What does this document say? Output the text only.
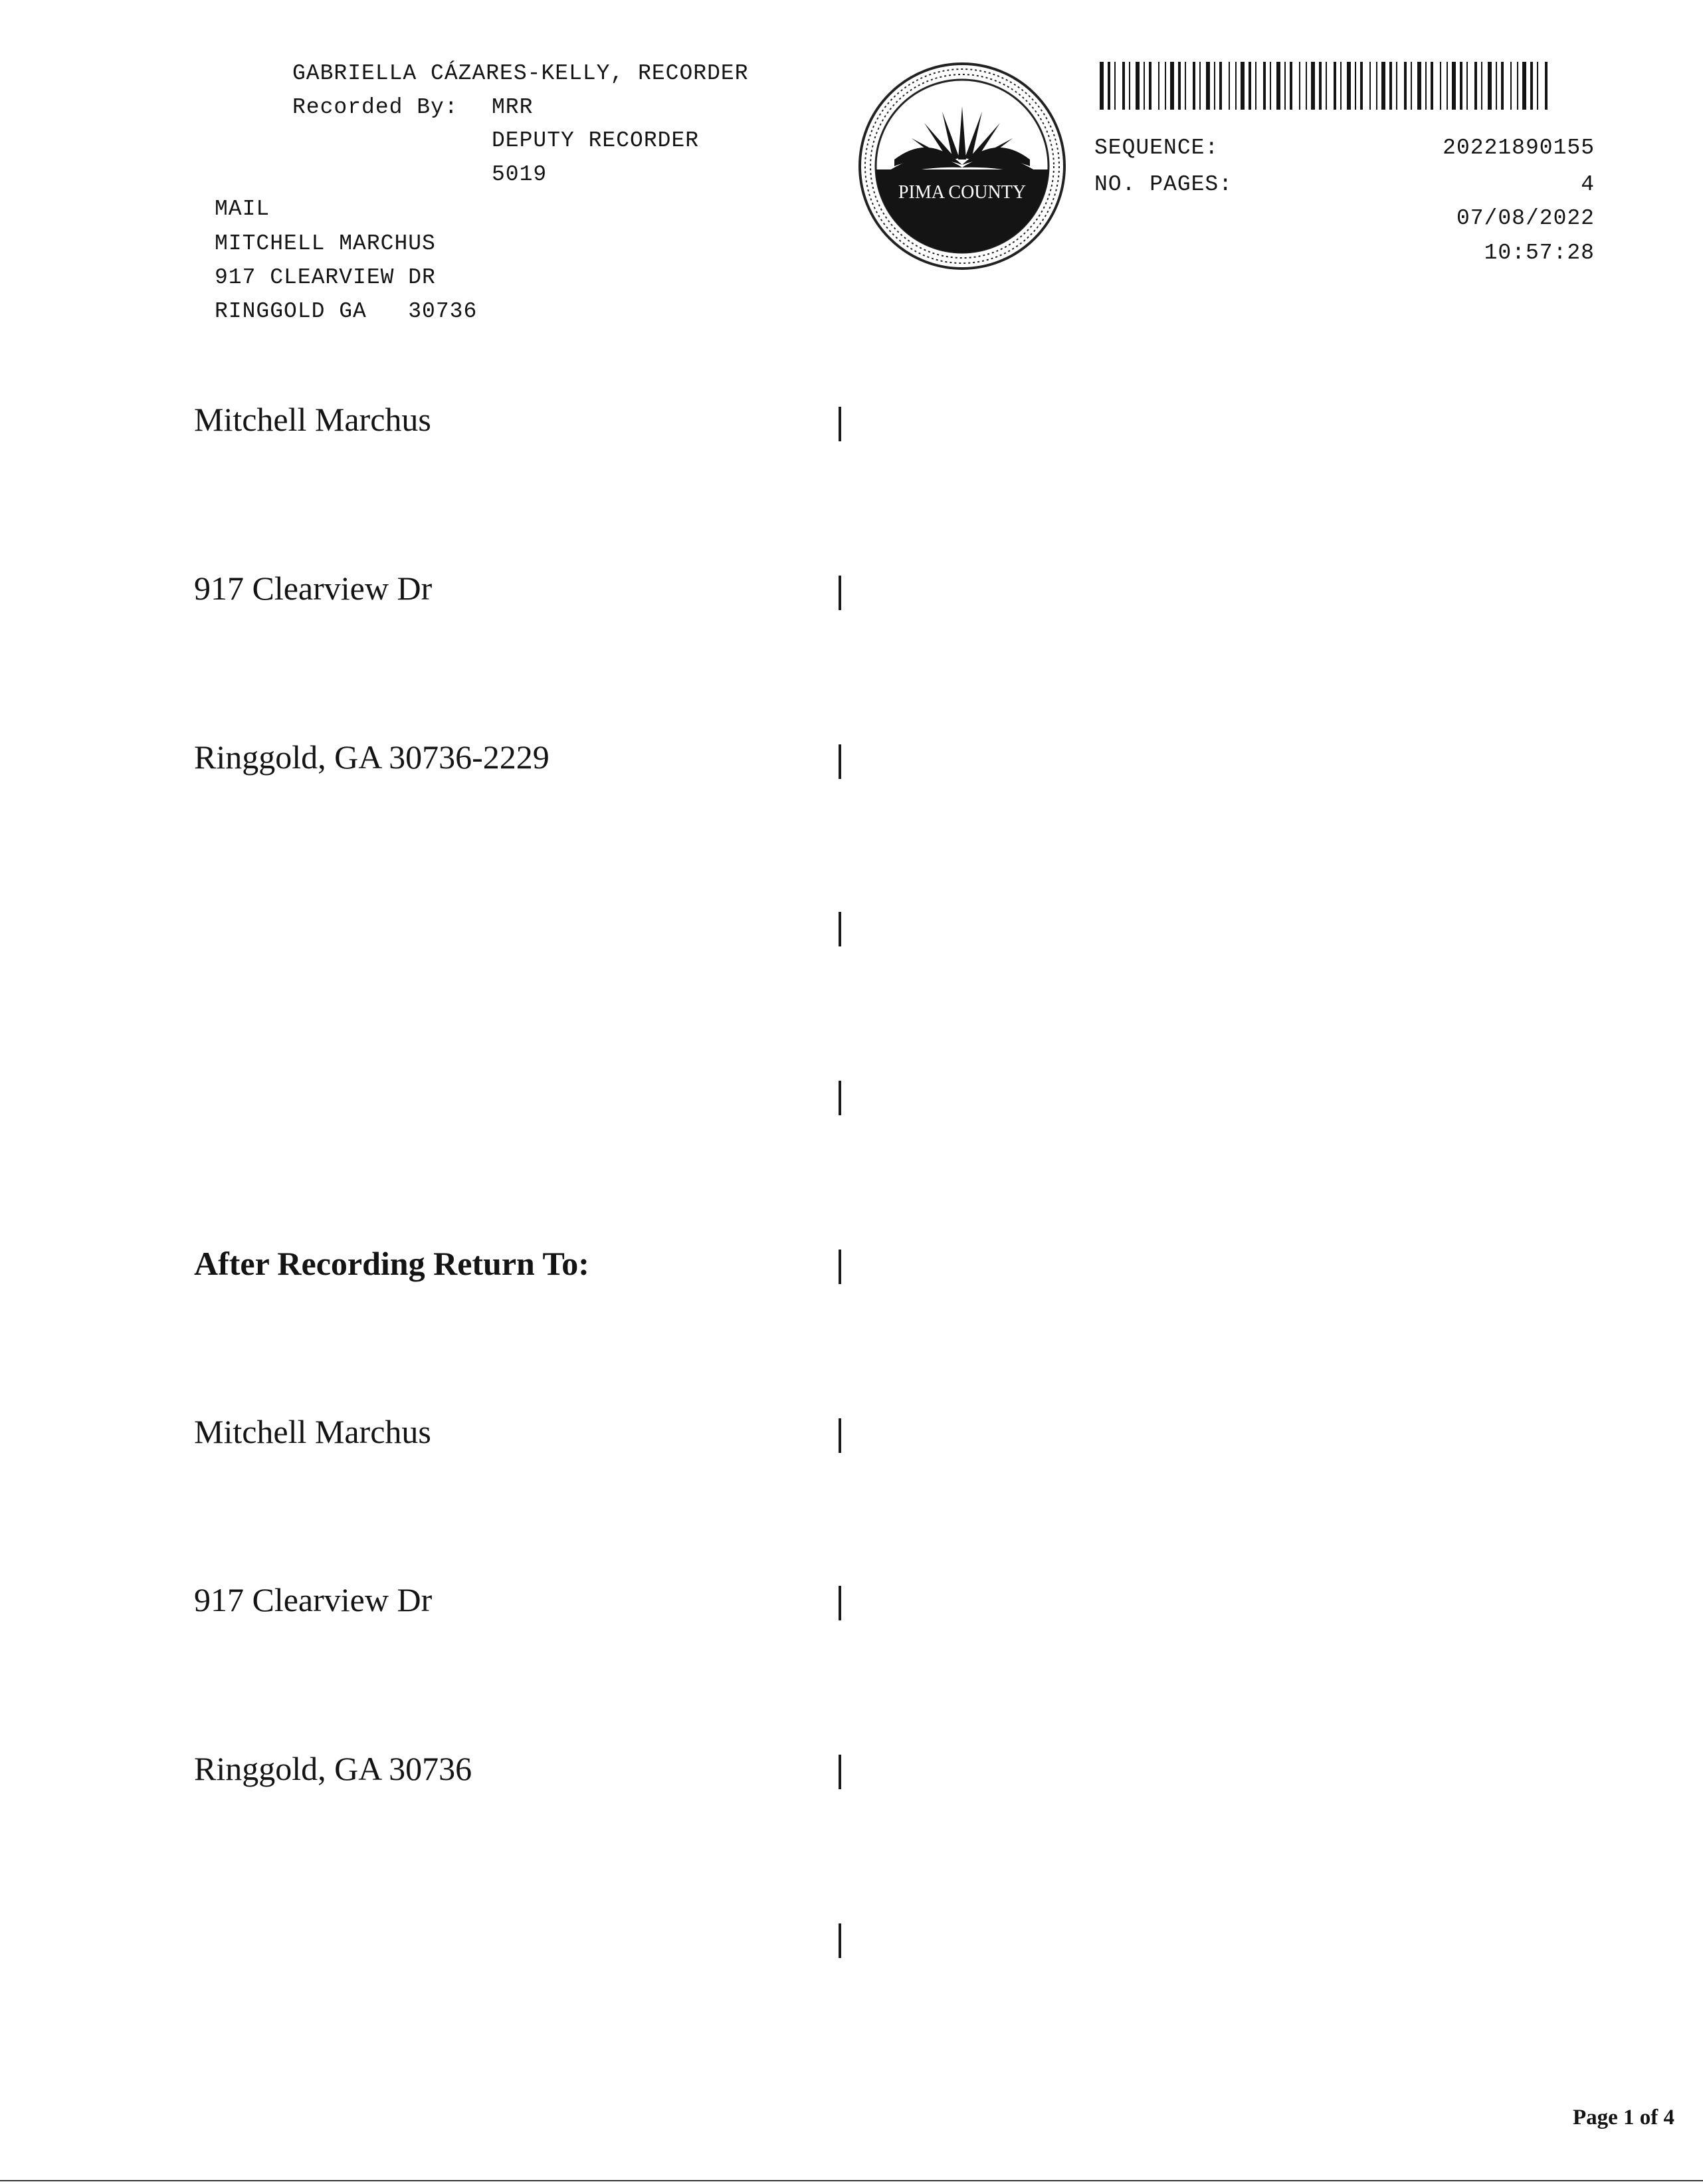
GABRIELLA CÁZARES-KELLY, RECORDER
Recorded By: MRR
DEPUTY RECORDER
5019
MAIL
MITCHELL MARCHUS
917 CLEARVIEW DR
RINGGOLD GA   30736
PIMA COUNTY
SEQUENCE:	20221890155
NO. PAGES:	4
07/08/2022
10:57:28
Mitchell Marchus
917 Clearview Dr
Ringgold, GA 30736-2229
After Recording Return To:
Mitchell Marchus
917 Clearview Dr
Ringgold, GA 30736
Page 1 of 4
